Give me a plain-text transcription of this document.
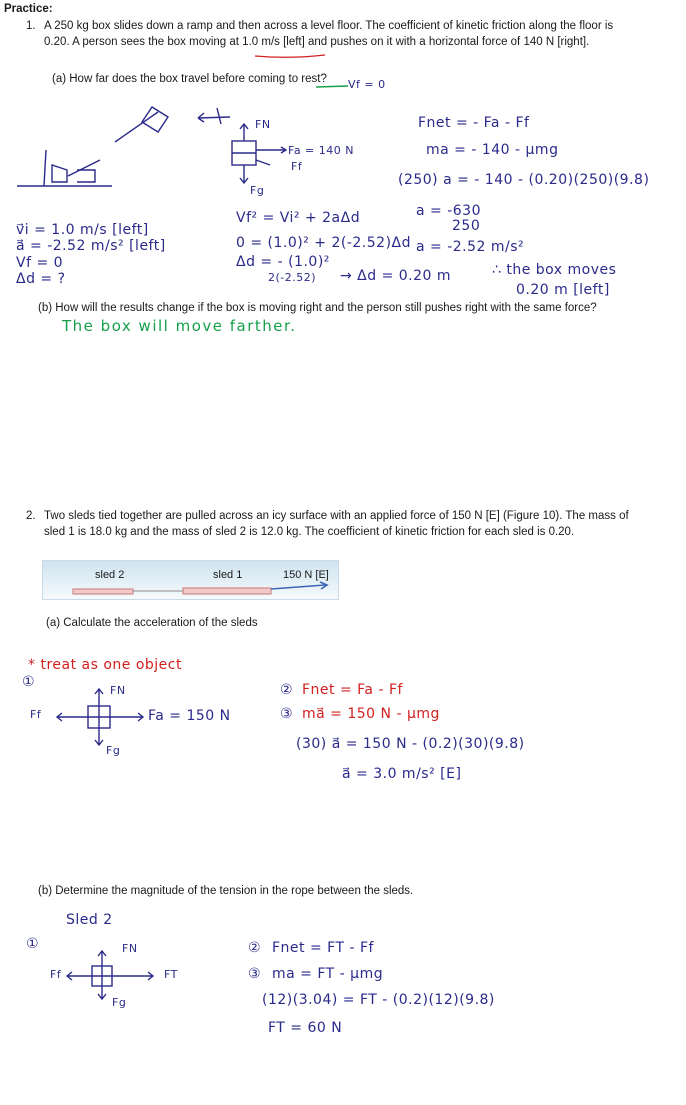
Practice:
1. A 250 kg box slides down a ramp and then across a level floor. The coefficient of kinetic friction along the floor is
0.20. A person sees the box moving at 1.0 m/s [left] and pushes on it with a horizontal force of 140 N [right].
(a) How far does the box travel before coming to rest? Vf = 0
FN
Fa = 140 N
Ff
Fg
Fnet = - Fa - Ff
ma = - 140 - μmg
(250) a = - 140 - (0.20)(250)(9.8)
a = -630
250
a = -2.52 m/s²
v⃗i = 1.0 m/s [left]
a⃗ = -2.52 m/s² [left]
Vf = 0
Δd = ?
Vf² = Vi² + 2aΔd
0 = (1.0)² + 2(-2.52)Δd
Δd = - (1.0)²
2(-2.52) → Δd = 0.20 m	∴ the box moves
0.20 m [left]
(b) How will the results change if the box is moving right and the person still pushes right with the same force?
The box will move farther.
2. Two sleds tied together are pulled across an icy surface with an applied force of 150 N [E] (Figure 10). The mass of
sled 1 is 18.0 kg and the mass of sled 2 is 12.0 kg. The coefficient of kinetic friction for each sled is 0.20.
sled 2	sled 1	150 N [E]
(a) Calculate the acceleration of the sleds
* treat as one object
①
FN
Ff	Fa = 150 N
Fg
② Fnet = Fa - Ff
③ ma⃗ = 150 N - μmg
(30) a⃗ = 150 N - (0.2)(30)(9.8)
a⃗ = 3.0 m/s² [E]
(b) Determine the magnitude of the tension in the rope between the sleds.
Sled 2
①	FN
Ff	FT
Fg
② Fnet = FT - Ff
③ ma = FT - μmg
(12)(3.04) = FT - (0.2)(12)(9.8)
FT = 60 N
